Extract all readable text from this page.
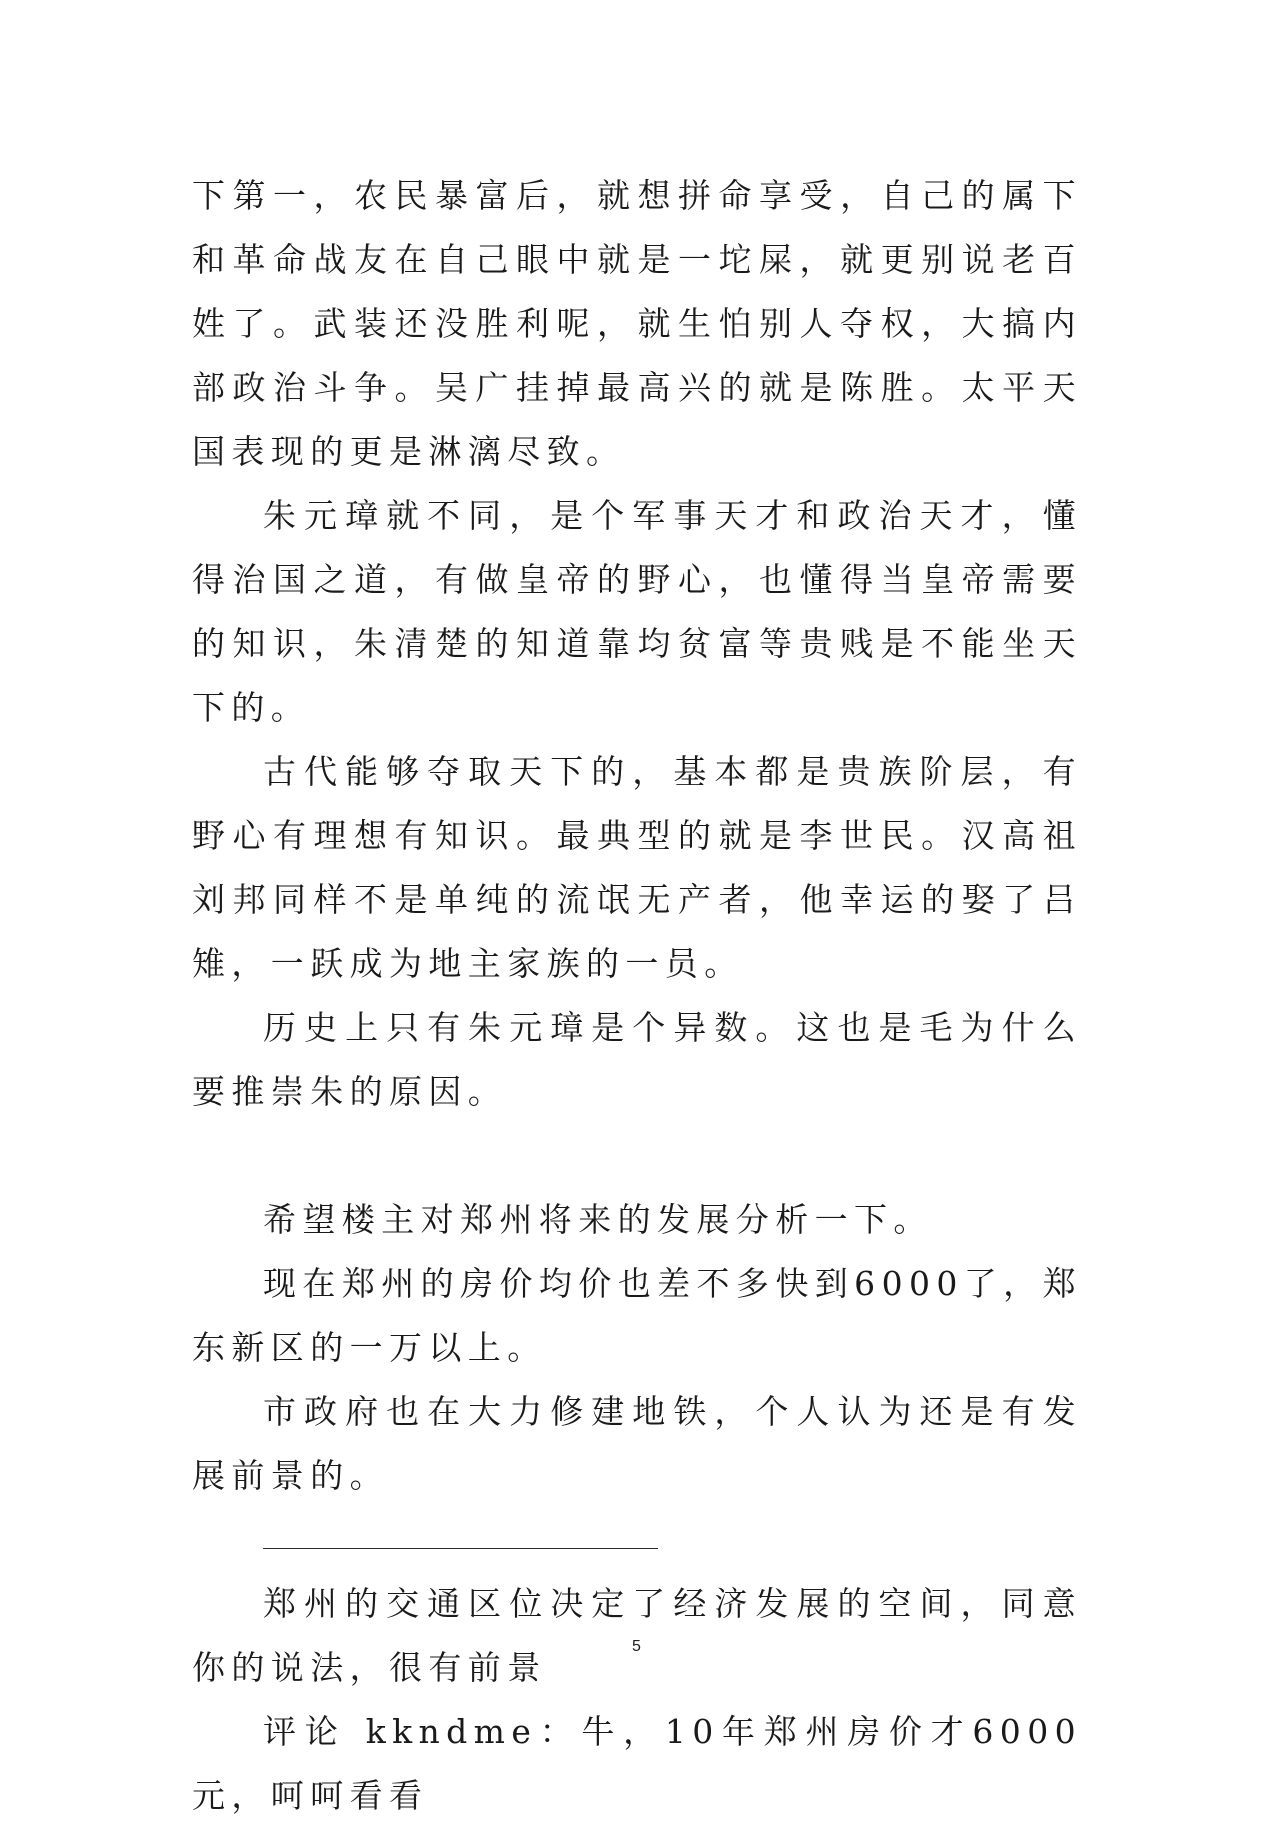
下第一，农民暴富后，就想拼命享受，自己的属下和革命战友在自己眼中就是一坨屎，就更别说老百姓了。武装还没胜利呢，就生怕别人夺权，大搞内部政治斗争。吴广挂掉最高兴的就是陈胜。太平天国表现的更是淋漓尽致。

朱元璋就不同，是个军事天才和政治天才，懂得治国之道，有做皇帝的野心，也懂得当皇帝需要的知识，朱清楚的知道靠均贫富等贵贱是不能坐天下的。

古代能够夺取天下的，基本都是贵族阶层，有野心有理想有知识。最典型的就是李世民。汉高祖刘邦同样不是单纯的流氓无产者，他幸运的娶了吕雉，一跃成为地主家族的一员。

历史上只有朱元璋是个异数。这也是毛为什么要推崇朱的原因。

希望楼主对郑州将来的发展分析一下。

现在郑州的房价均价也差不多快到6000了，郑东新区的一万以上。

市政府也在大力修建地铁，个人认为还是有发展前景的。

郑州的交通区位决定了经济发展的空间，同意你的说法，很有前景

评论 kkndme：牛，10年郑州房价才6000元，呵呵看看

5
